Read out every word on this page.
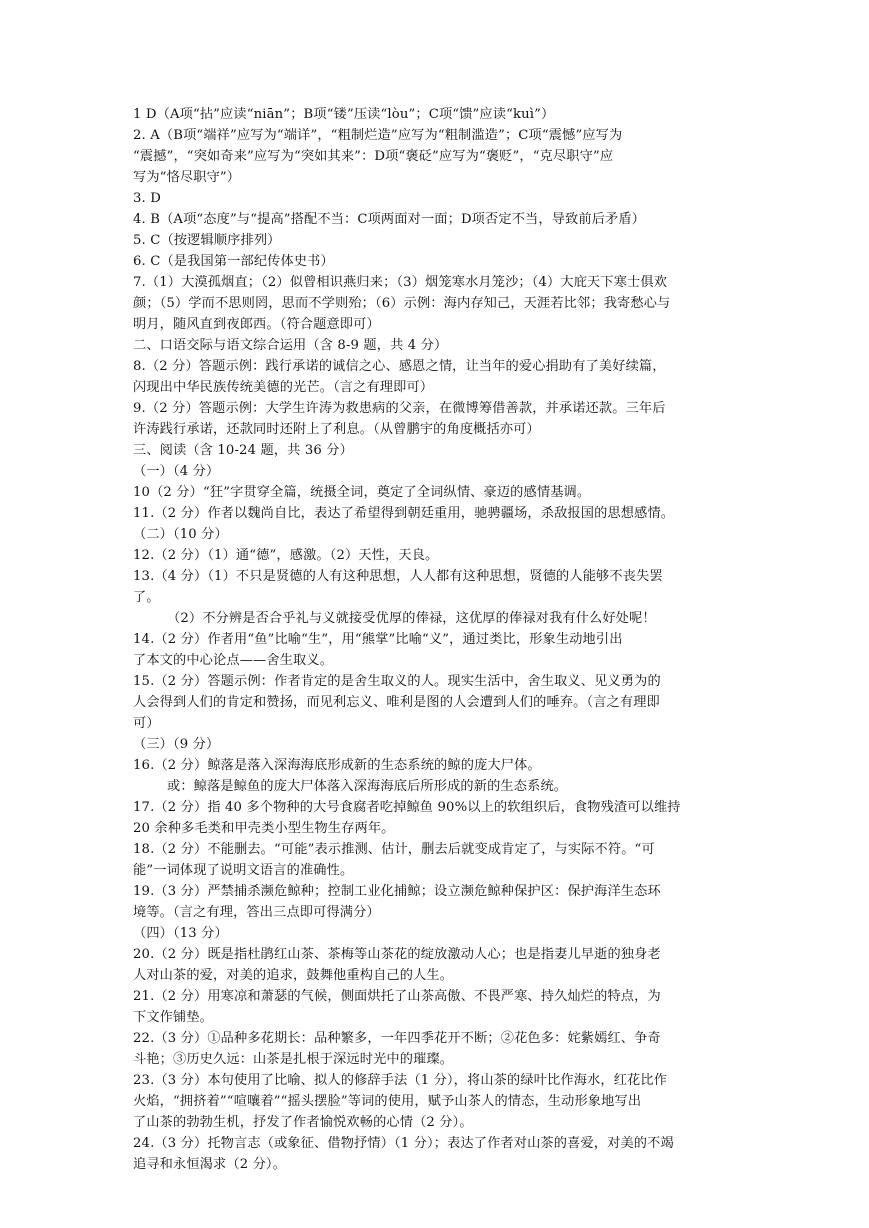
1 D（A项“拈”应读“niān”；B项“镂”压读“lòu”；C项“馈”应读“kuì”）
2. A（B项“端祥”应写为“端详”，“粗制烂造”应写为“粗制滥造”；C项“震憾”应写为
“震撼”，“突如奇来”应写为“突如其来”：D项“褒砭”应写为“褒贬”，“克尽职守”应
写为“恪尽职守”）
3. D
4. B（A项“态度”与“提高”搭配不当：C项两面对一面；D项否定不当，导致前后矛盾）
5. C（按逻辑顺序排列）
6. C（是我国第一部纪传体史书）
7.（1）大漠孤烟直；（2）似曾相识燕归来；（3）烟笼寒水月笼沙；（4）大庇天下寒士俱欢
颜；（5）学而不思则罔，思而不学则殆；（6）示例：海内存知己，天涯若比邻；我寄愁心与
明月，随风直到夜郎西。（符合题意即可）
二、口语交际与语文综合运用（含 8-9 题，共 4 分）
8.（2 分）答题示例：践行承诺的诚信之心、感恩之情，让当年的爱心捐助有了美好续篇，
闪现出中华民族传统美德的光芒。（言之有理即可）
9.（2 分）答题示例：大学生许涛为救患病的父亲，在微博筹借善款，并承诺还款。三年后
许涛践行承诺，还款同时还附上了利息。（从曾鹏宇的角度概括亦可）
三、阅读（含 10-24 题，共 36 分）
（一）（4 分）
10（2 分）“狂”字贯穿全篇，统摄全词，奠定了全词纵情、豪迈的感情基调。
11.（2 分）作者以魏尚自比，表达了希望得到朝廷重用，驰骋疆场，杀敌报国的思想感情。
（二）（10 分）
12.（2 分）（1）通“德”，感激。（2）天性，天良。
13.（4 分）（1）不只是贤德的人有这种思想，人人都有这种思想，贤德的人能够不丧失罢
了。
（2）不分辨是否合乎礼与义就接受优厚的俸禄，这优厚的俸禄对我有什么好处呢！
14.（2 分）作者用“鱼”比喻“生”，用“熊掌”比喻“义”，通过类比，形象生动地引出
了本文的中心论点——舍生取义。
15.（2 分）答题示例：作者肯定的是舍生取义的人。现实生活中，舍生取义、见义勇为的
人会得到人们的肯定和赞扬，而见利忘义、唯利是图的人会遭到人们的唾弃。（言之有理即
可）
（三）（9 分）
16.（2 分）鲸落是落入深海海底形成新的生态系统的鲸的庞大尸体。
或：鲸落是鲸鱼的庞大尸体落入深海海底后所形成的新的生态系统。
17.（2 分）指 40 多个物种的大号食腐者吃掉鲸鱼 90%以上的软组织后，食物残渣可以维持
20 余种多毛类和甲壳类小型生物生存两年。
18.（2 分）不能删去。“可能”表示推测、估计，删去后就变成肯定了，与实际不符。“可
能”一词体现了说明文语言的准确性。
19.（3 分）严禁捕杀濒危鲸种；控制工业化捕鲸；设立濒危鲸种保护区：保护海洋生态环
境等。（言之有理，答出三点即可得满分）
（四）（13 分）
20.（2 分）既是指杜鹃红山茶、茶梅等山茶花的绽放激动人心；也是指妻儿早逝的独身老
人对山茶的爱，对美的追求，鼓舞他重构自己的人生。
21.（2 分）用寒凉和萧瑟的气候，侧面烘托了山茶高傲、不畏严寒、持久灿烂的特点，为
下文作铺垫。
22.（3 分）①品种多花期长：品种繁多，一年四季花开不断；②花色多：姹紫嫣红、争奇
斗艳；③历史久远：山茶是扎根于深远时光中的璀璨。
23.（3 分）本句使用了比喻、拟人的修辞手法（1 分），将山茶的绿叶比作海水，红花比作
火焰，“拥挤着”“喧嚷着”“摇头摆脸”等词的使用，赋予山茶人的情态，生动形象地写出
了山茶的勃勃生机，抒发了作者愉悦欢畅的心情（2 分）。
24.（3 分）托物言志（或象征、借物抒情）（1 分）；表达了作者对山茶的喜爱，对美的不竭
追寻和永恒渴求（2 分）。
